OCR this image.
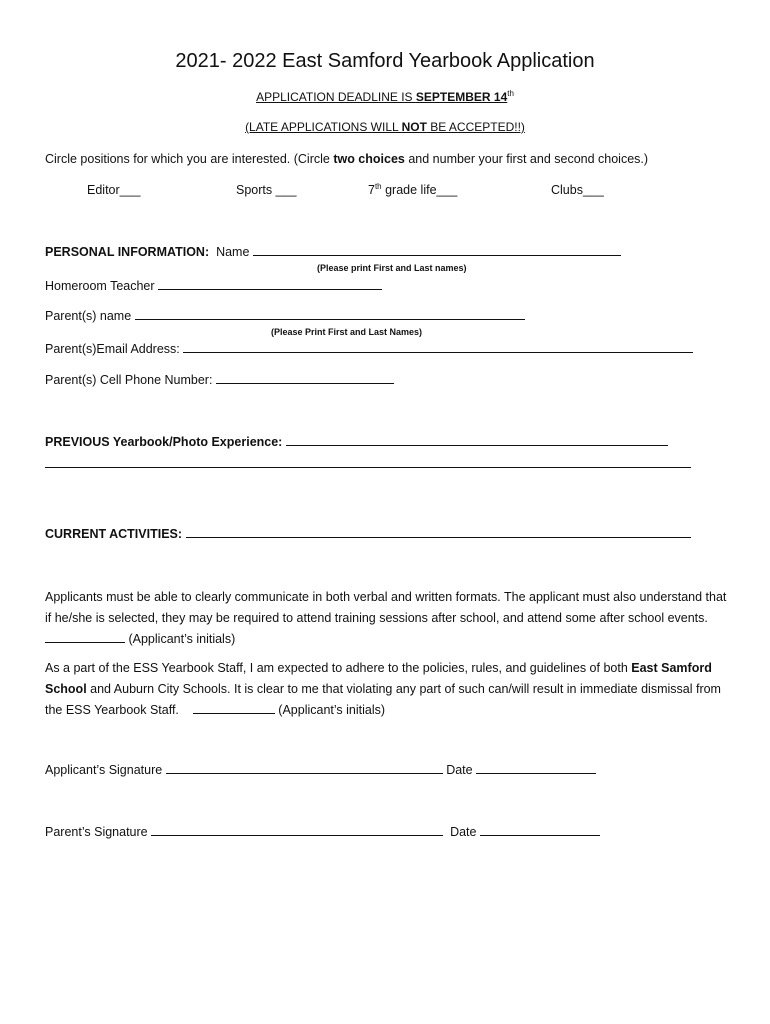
2021- 2022 East Samford Yearbook Application
APPLICATION DEADLINE IS SEPTEMBER 14th
(LATE APPLICATIONS WILL NOT BE ACCEPTED!!)
Circle positions for which you are interested. (Circle two choices and number your first and second choices.)
Editor___	Sports ___	7th grade life___	Clubs___
PERSONAL INFORMATION: Name
(Please print First and Last names)
Homeroom Teacher
Parent(s) name
(Please Print First and Last Names)
Parent(s)Email Address:
Parent(s) Cell Phone Number:
PREVIOUS Yearbook/Photo Experience:
CURRENT ACTIVITIES:
Applicants must be able to clearly communicate in both verbal and written formats. The applicant must also understand that if he/she is selected, they may be required to attend training sessions after school, and attend some after school events.      (Applicant’s initials)
As a part of the ESS Yearbook Staff, I am expected to adhere to the policies, rules, and guidelines of both East Samford School and Auburn City Schools. It is clear to me that violating any part of such can/will result in immediate dismissal from the ESS Yearbook Staff.	(Applicant’s initials)
Applicant’s Signature	Date
Parent’s Signature	Date
